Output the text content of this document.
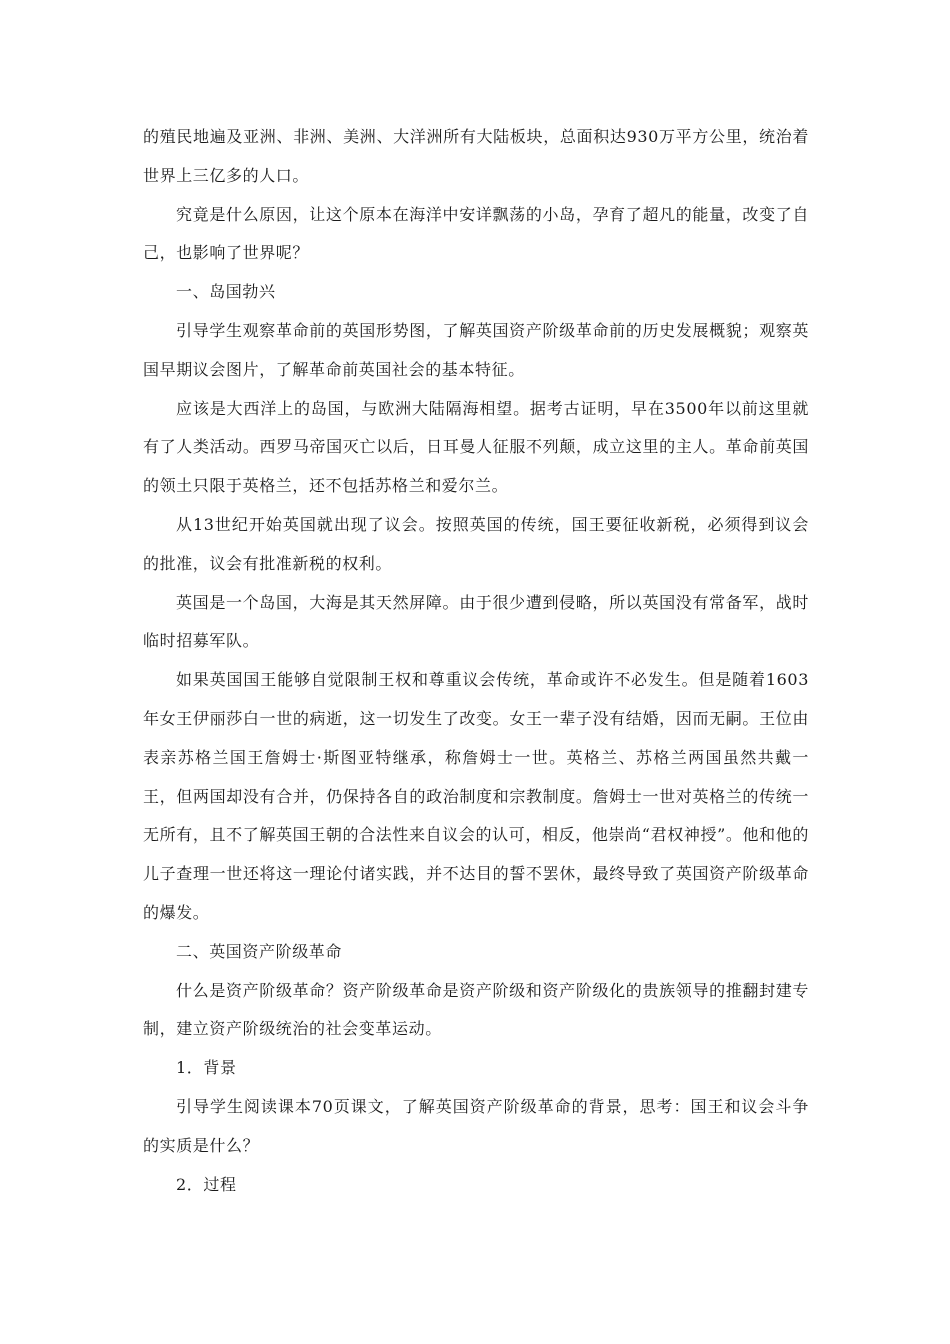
的殖民地遍及亚洲、非洲、美洲、大洋洲所有大陆板块，总面积达930万平方公里，统治着世界上三亿多的人口。

究竟是什么原因，让这个原本在海洋中安详飘荡的小岛，孕育了超凡的能量，改变了自己，也影响了世界呢？

一、岛国勃兴

引导学生观察革命前的英国形势图，了解英国资产阶级革命前的历史发展概貌；观察英国早期议会图片，了解革命前英国社会的基本特征。

应该是大西洋上的岛国，与欧洲大陆隔海相望。据考古证明，早在3500年以前这里就有了人类活动。西罗马帝国灭亡以后，日耳曼人征服不列颠，成立这里的主人。革命前英国的领土只限于英格兰，还不包括苏格兰和爱尔兰。

从13世纪开始英国就出现了议会。按照英国的传统，国王要征收新税，必须得到议会的批准，议会有批准新税的权利。

英国是一个岛国，大海是其天然屏障。由于很少遭到侵略，所以英国没有常备军，战时临时招募军队。

如果英国国王能够自觉限制王权和尊重议会传统，革命或许不必发生。但是随着1603年女王伊丽莎白一世的病逝，这一切发生了改变。女王一辈子没有结婚，因而无嗣。王位由表亲苏格兰国王詹姆士·斯图亚特继承，称詹姆士一世。英格兰、苏格兰两国虽然共戴一王，但两国却没有合并，仍保持各自的政治制度和宗教制度。詹姆士一世对英格兰的传统一无所有，且不了解英国王朝的合法性来自议会的认可，相反，他崇尚“君权神授”。他和他的儿子查理一世还将这一理论付诸实践，并不达目的誓不罢休，最终导致了英国资产阶级革命的爆发。

二、英国资产阶级革命

什么是资产阶级革命？资产阶级革命是资产阶级和资产阶级化的贵族领导的推翻封建专制，建立资产阶级统治的社会变革运动。

1．背景

引导学生阅读课本70页课文，了解英国资产阶级革命的背景，思考：国王和议会斗争的实质是什么？

2．过程
